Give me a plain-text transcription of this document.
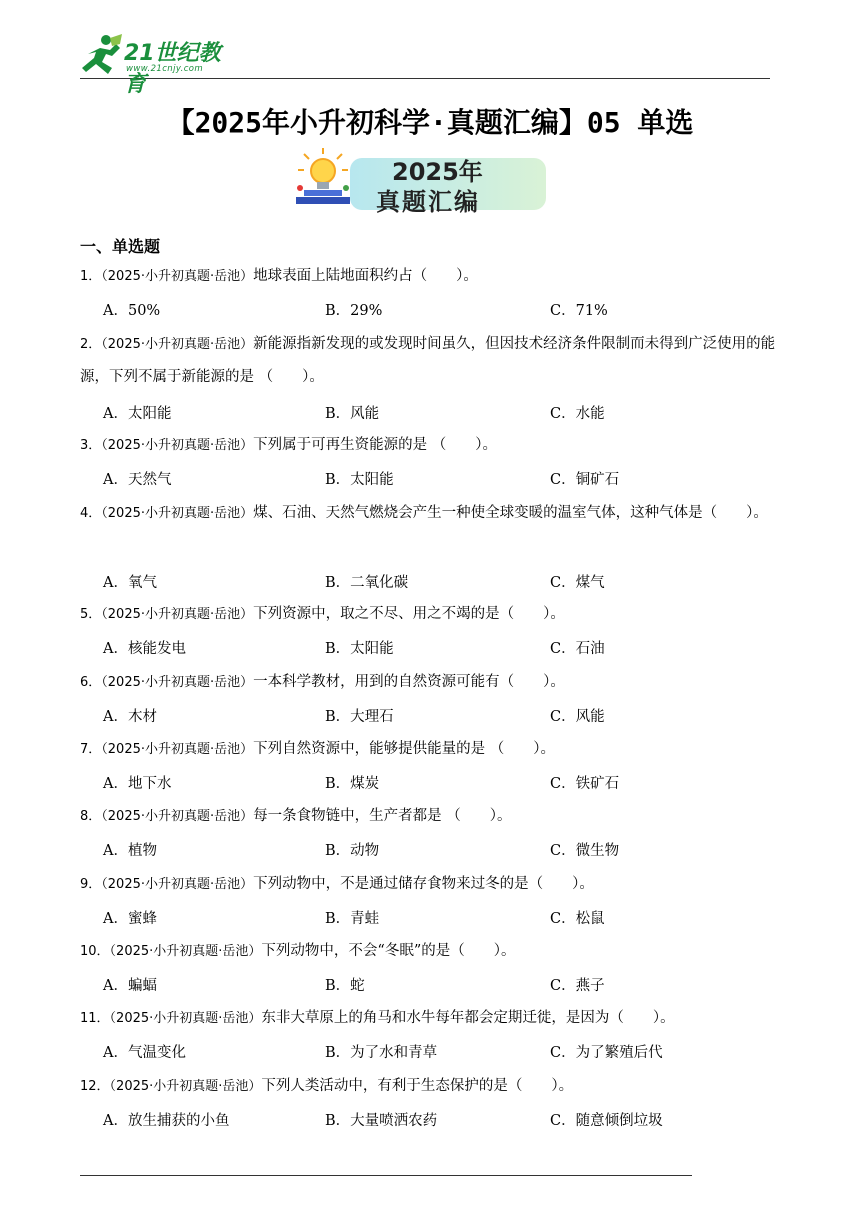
21世纪教育
www.21cnjy.com
【2025年小升初科学·真题汇编】05 单选
2025年
真题汇编
一、单选题
1．（2025·小升初真题·岳池）地球表面上陆地面积约占（　　）。
A．50%	B．29%	C．71%
2．（2025·小升初真题·岳池）新能源指新发现的或发现时间虽久，但因技术经济条件限制而未得到广泛使用的能源，下列不属于新能源的是 （　　）。
A．太阳能	B．风能	C．水能
3．（2025·小升初真题·岳池）下列属于可再生资能源的是 （　　）。
A．天然气	B．太阳能	C．铜矿石
4．（2025·小升初真题·岳池）煤、石油、天然气燃烧会产生一种使全球变暖的温室气体，这种气体是（　　）。
A．氧气	B．二氧化碳	C．煤气
5．（2025·小升初真题·岳池）下列资源中，取之不尽、用之不竭的是（　　）。
A．核能发电	B．太阳能	C．石油
6．（2025·小升初真题·岳池）一本科学教材，用到的自然资源可能有（　　）。
A．木材	B．大理石	C．风能
7．（2025·小升初真题·岳池）下列自然资源中，能够提供能量的是 （　　）。
A．地下水	B．煤炭	C．铁矿石
8．（2025·小升初真题·岳池）每一条食物链中，生产者都是 （　　）。
A．植物	B．动物	C．微生物
9．（2025·小升初真题·岳池）下列动物中，不是通过储存食物来过冬的是（　　）。
A．蜜蜂	B．青蛙	C．松鼠
10．（2025·小升初真题·岳池）下列动物中，不会“冬眠”的是（　　）。
A．蝙蝠	B．蛇	C．燕子
11．（2025·小升初真题·岳池）东非大草原上的角马和水牛每年都会定期迁徙，是因为（　　）。
A．气温变化	B．为了水和青草	C．为了繁殖后代
12．（2025·小升初真题·岳池）下列人类活动中，有利于生态保护的是（　　）。
A．放生捕获的小鱼	B．大量喷洒农药	C．随意倾倒垃圾
